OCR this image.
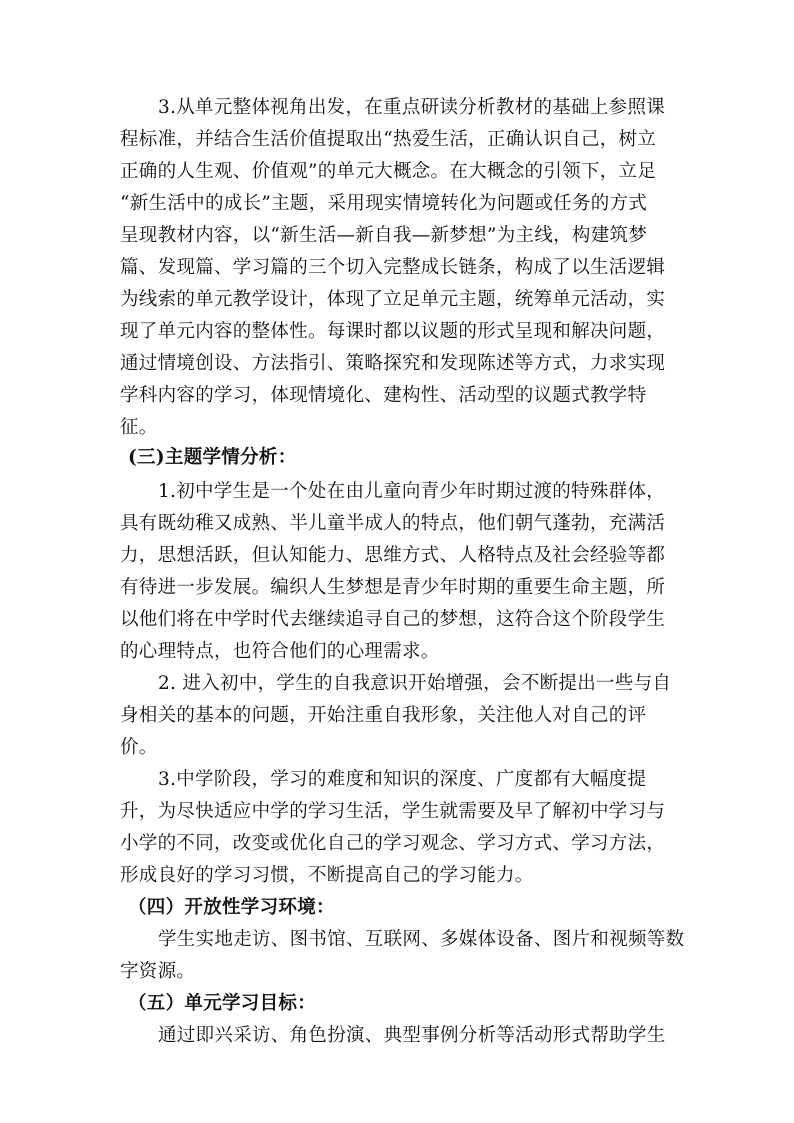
3.从单元整体视角出发，在重点研读分析教材的基础上参照课
程标准，并结合生活价值提取出“热爱生活，正确认识自己，树立
正确的人生观、价值观”的单元大概念。在大概念的引领下，立足
“新生活中的成长”主题，采用现实情境转化为问题或任务的方式
呈现教材内容，以“新生活—新自我—新梦想”为主线，构建筑梦
篇、发现篇、学习篇的三个切入完整成长链条，构成了以生活逻辑
为线索的单元教学设计，体现了立足单元主题，统筹单元活动，实
现了单元内容的整体性。每课时都以议题的形式呈现和解决问题，
通过情境创设、方法指引、策略探究和发现陈述等方式，力求实现
学科内容的学习，体现情境化、建构性、活动型的议题式教学特
征。
(三)主题学情分析：
1.初中学生是一个处在由儿童向青少年时期过渡的特殊群体，
具有既幼稚又成熟、半儿童半成人的特点，他们朝气蓬勃，充满活
力，思想活跃，但认知能力、思维方式、人格特点及社会经验等都
有待进一步发展。编织人生梦想是青少年时期的重要生命主题，所
以他们将在中学时代去继续追寻自己的梦想，这符合这个阶段学生
的心理特点，也符合他们的心理需求。
2. 进入初中，学生的自我意识开始增强，会不断提出一些与自
身相关的基本的问题，开始注重自我形象，关注他人对自己的评
价。
3.中学阶段，学习的难度和知识的深度、广度都有大幅度提
升，为尽快适应中学的学习生活，学生就需要及早了解初中学习与
小学的不同，改变或优化自己的学习观念、学习方式、学习方法，
形成良好的学习习惯，不断提高自己的学习能力。
（四）开放性学习环境：
学生实地走访、图书馆、互联网、多媒体设备、图片和视频等数
字资源。
（五）单元学习目标：
通过即兴采访、角色扮演、典型事例分析等活动形式帮助学生
